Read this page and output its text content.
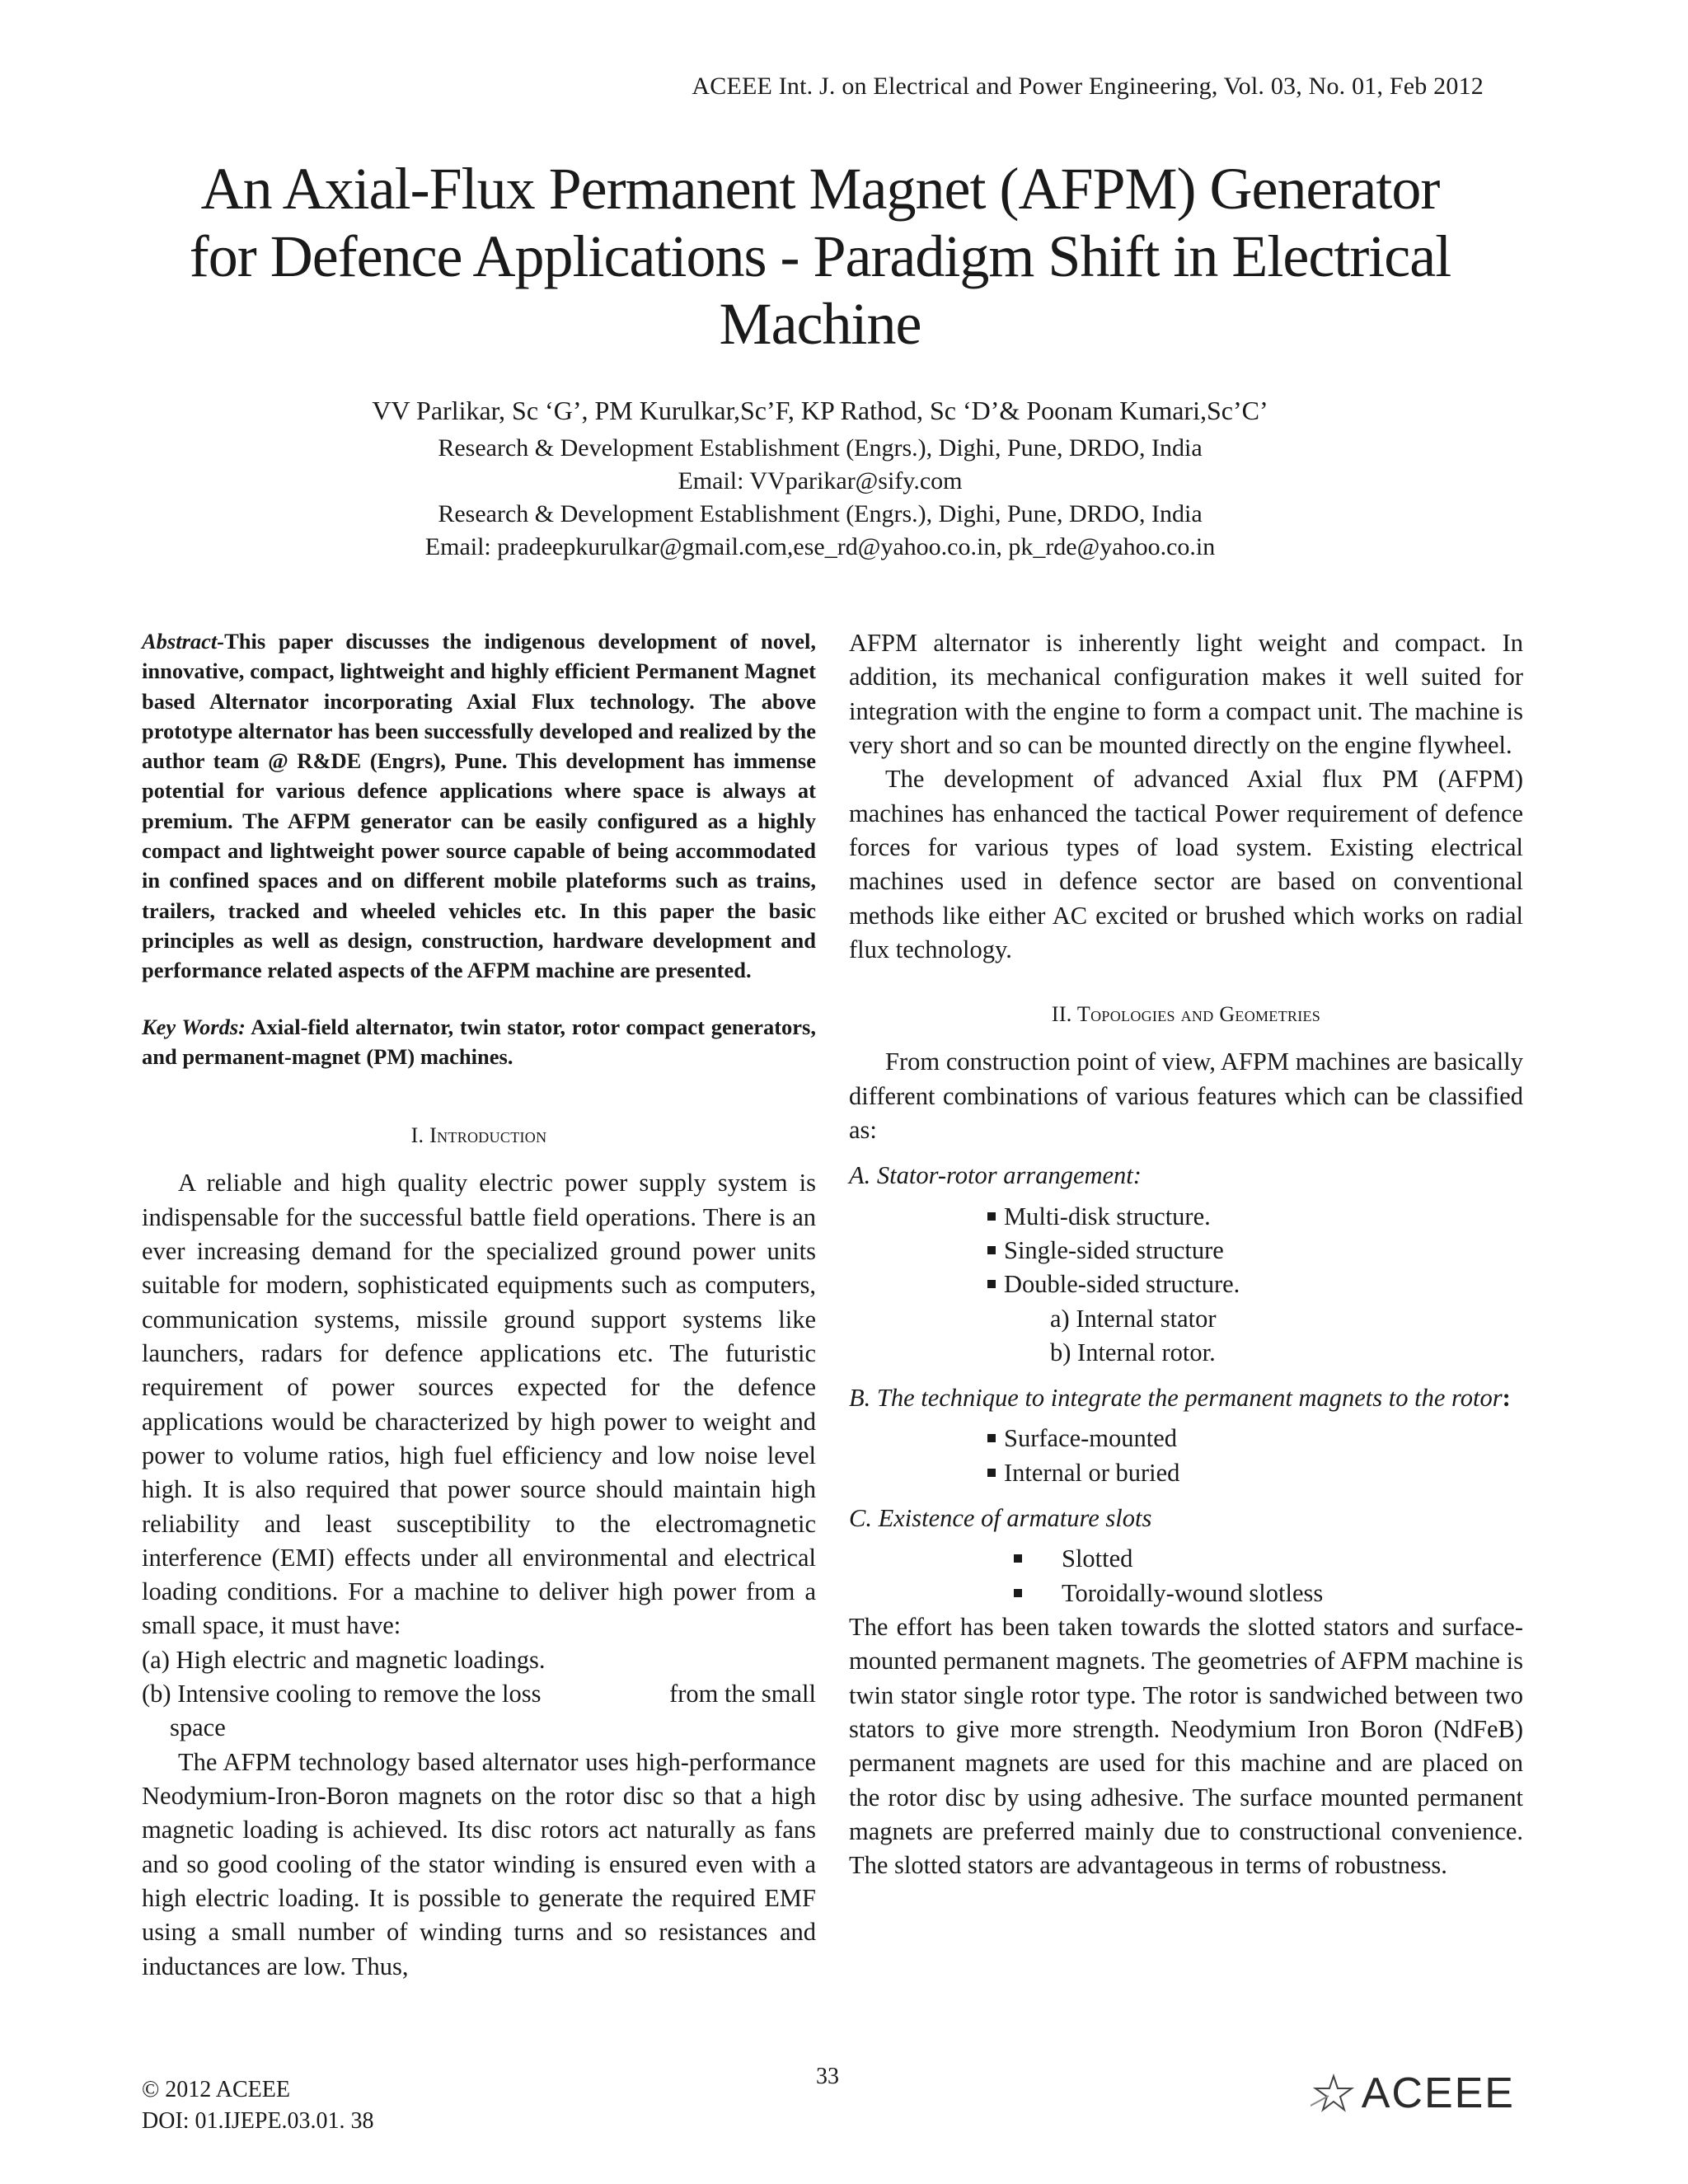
ACEEE Int. J. on Electrical and Power Engineering, Vol. 03, No. 01, Feb 2012
An Axial-Flux Permanent Magnet (AFPM) Generator
for Defence Applications - Paradigm Shift in Electrical
Machine
VV Parlikar, Sc ‘G’, PM Kurulkar,Sc’F, KP Rathod, Sc ‘D’& Poonam Kumari,Sc’C’
Research & Development Establishment (Engrs.), Dighi, Pune, DRDO, India
Email: VVparikar@sify.com
Research & Development Establishment (Engrs.), Dighi, Pune, DRDO, India
Email: pradeepkurulkar@gmail.com,ese_rd@yahoo.co.in, pk_rde@yahoo.co.in

Abstract-This paper discusses the indigenous development of novel, innovative, compact, lightweight and highly efficient Permanent Magnet based Alternator incorporating Axial Flux technology. The above prototype alternator has been successfully developed and realized by the author team @ R&DE (Engrs), Pune. This development has immense potential for various defence applications where space is always at premium. The AFPM generator can be easily configured as a highly compact and lightweight power source capable of being accommodated in confined spaces and on different mobile plateforms such as trains, trailers, tracked and wheeled vehicles etc. In this paper the basic principles as well as design, construction, hardware development and performance related aspects of the AFPM machine are presented.

Key Words: Axial-field alternator, twin stator, rotor compact generators, and permanent-magnet (PM) machines.

I. Introduction

A reliable and high quality electric power supply system is indispensable for the successful battle field operations. There is an ever increasing demand for the specialized ground power units suitable for modern, sophisticated equipments such as computers, communication systems, missile ground support systems like launchers, radars for defence applications etc. The futuristic requirement of power sources expected for the defence applications would be characterized by high power to weight and power to volume ratios, high fuel efficiency and low noise level high. It is also required that power source should maintain high reliability and least susceptibility to the electromagnetic interference (EMI) effects under all environmental and electrical loading conditions. For a machine to deliver high power from a small space, it must have:

(a) High electric and magnetic loadings.
(b) Intensive cooling to remove the loss	from the small
space

The AFPM technology based alternator uses high-performance Neodymium-Iron-Boron magnets on the rotor disc so that a high magnetic loading is achieved. Its disc rotors act naturally as fans and so good cooling of the stator winding is ensured even with a high electric loading. It is possible to generate the required EMF using a small number of winding turns and so resistances and inductances are low. Thus,

AFPM alternator is inherently light weight and compact. In addition, its mechanical configuration makes it well suited for integration with the engine to form a compact unit. The machine is very short and so can be mounted directly on the engine flywheel.

The development of advanced Axial flux PM (AFPM) machines has enhanced the tactical Power requirement of defence forces for various types of load system. Existing electrical machines used in defence sector are based on conventional methods like either AC excited or brushed which works on radial flux technology.

II. Topologies and Geometries

From construction point of view, AFPM machines are basically different combinations of various features which can be classified as:

A. Stator-rotor arrangement:
Multi-disk structure.
Single-sided structure
Double-sided structure.
a) Internal stator
b) Internal rotor.
B. The technique to integrate the permanent magnets to the rotor:
Surface-mounted
Internal or buried
C. Existence of armature slots
Slotted
Toroidally-wound slotless

The effort has been taken towards the slotted stators and surface-mounted permanent magnets. The geometries of AFPM machine is twin stator single rotor type. The rotor is sandwiched between two stators to give more strength. Neodymium Iron Boron (NdFeB) permanent magnets are used for this machine and are placed on the rotor disc by using adhesive. The surface mounted permanent magnets are preferred mainly due to constructional convenience. The slotted stators are advantageous in terms of robustness.

© 2012 ACEEE
DOI: 01.IJEPE.03.01. 38
33	ACEEE
